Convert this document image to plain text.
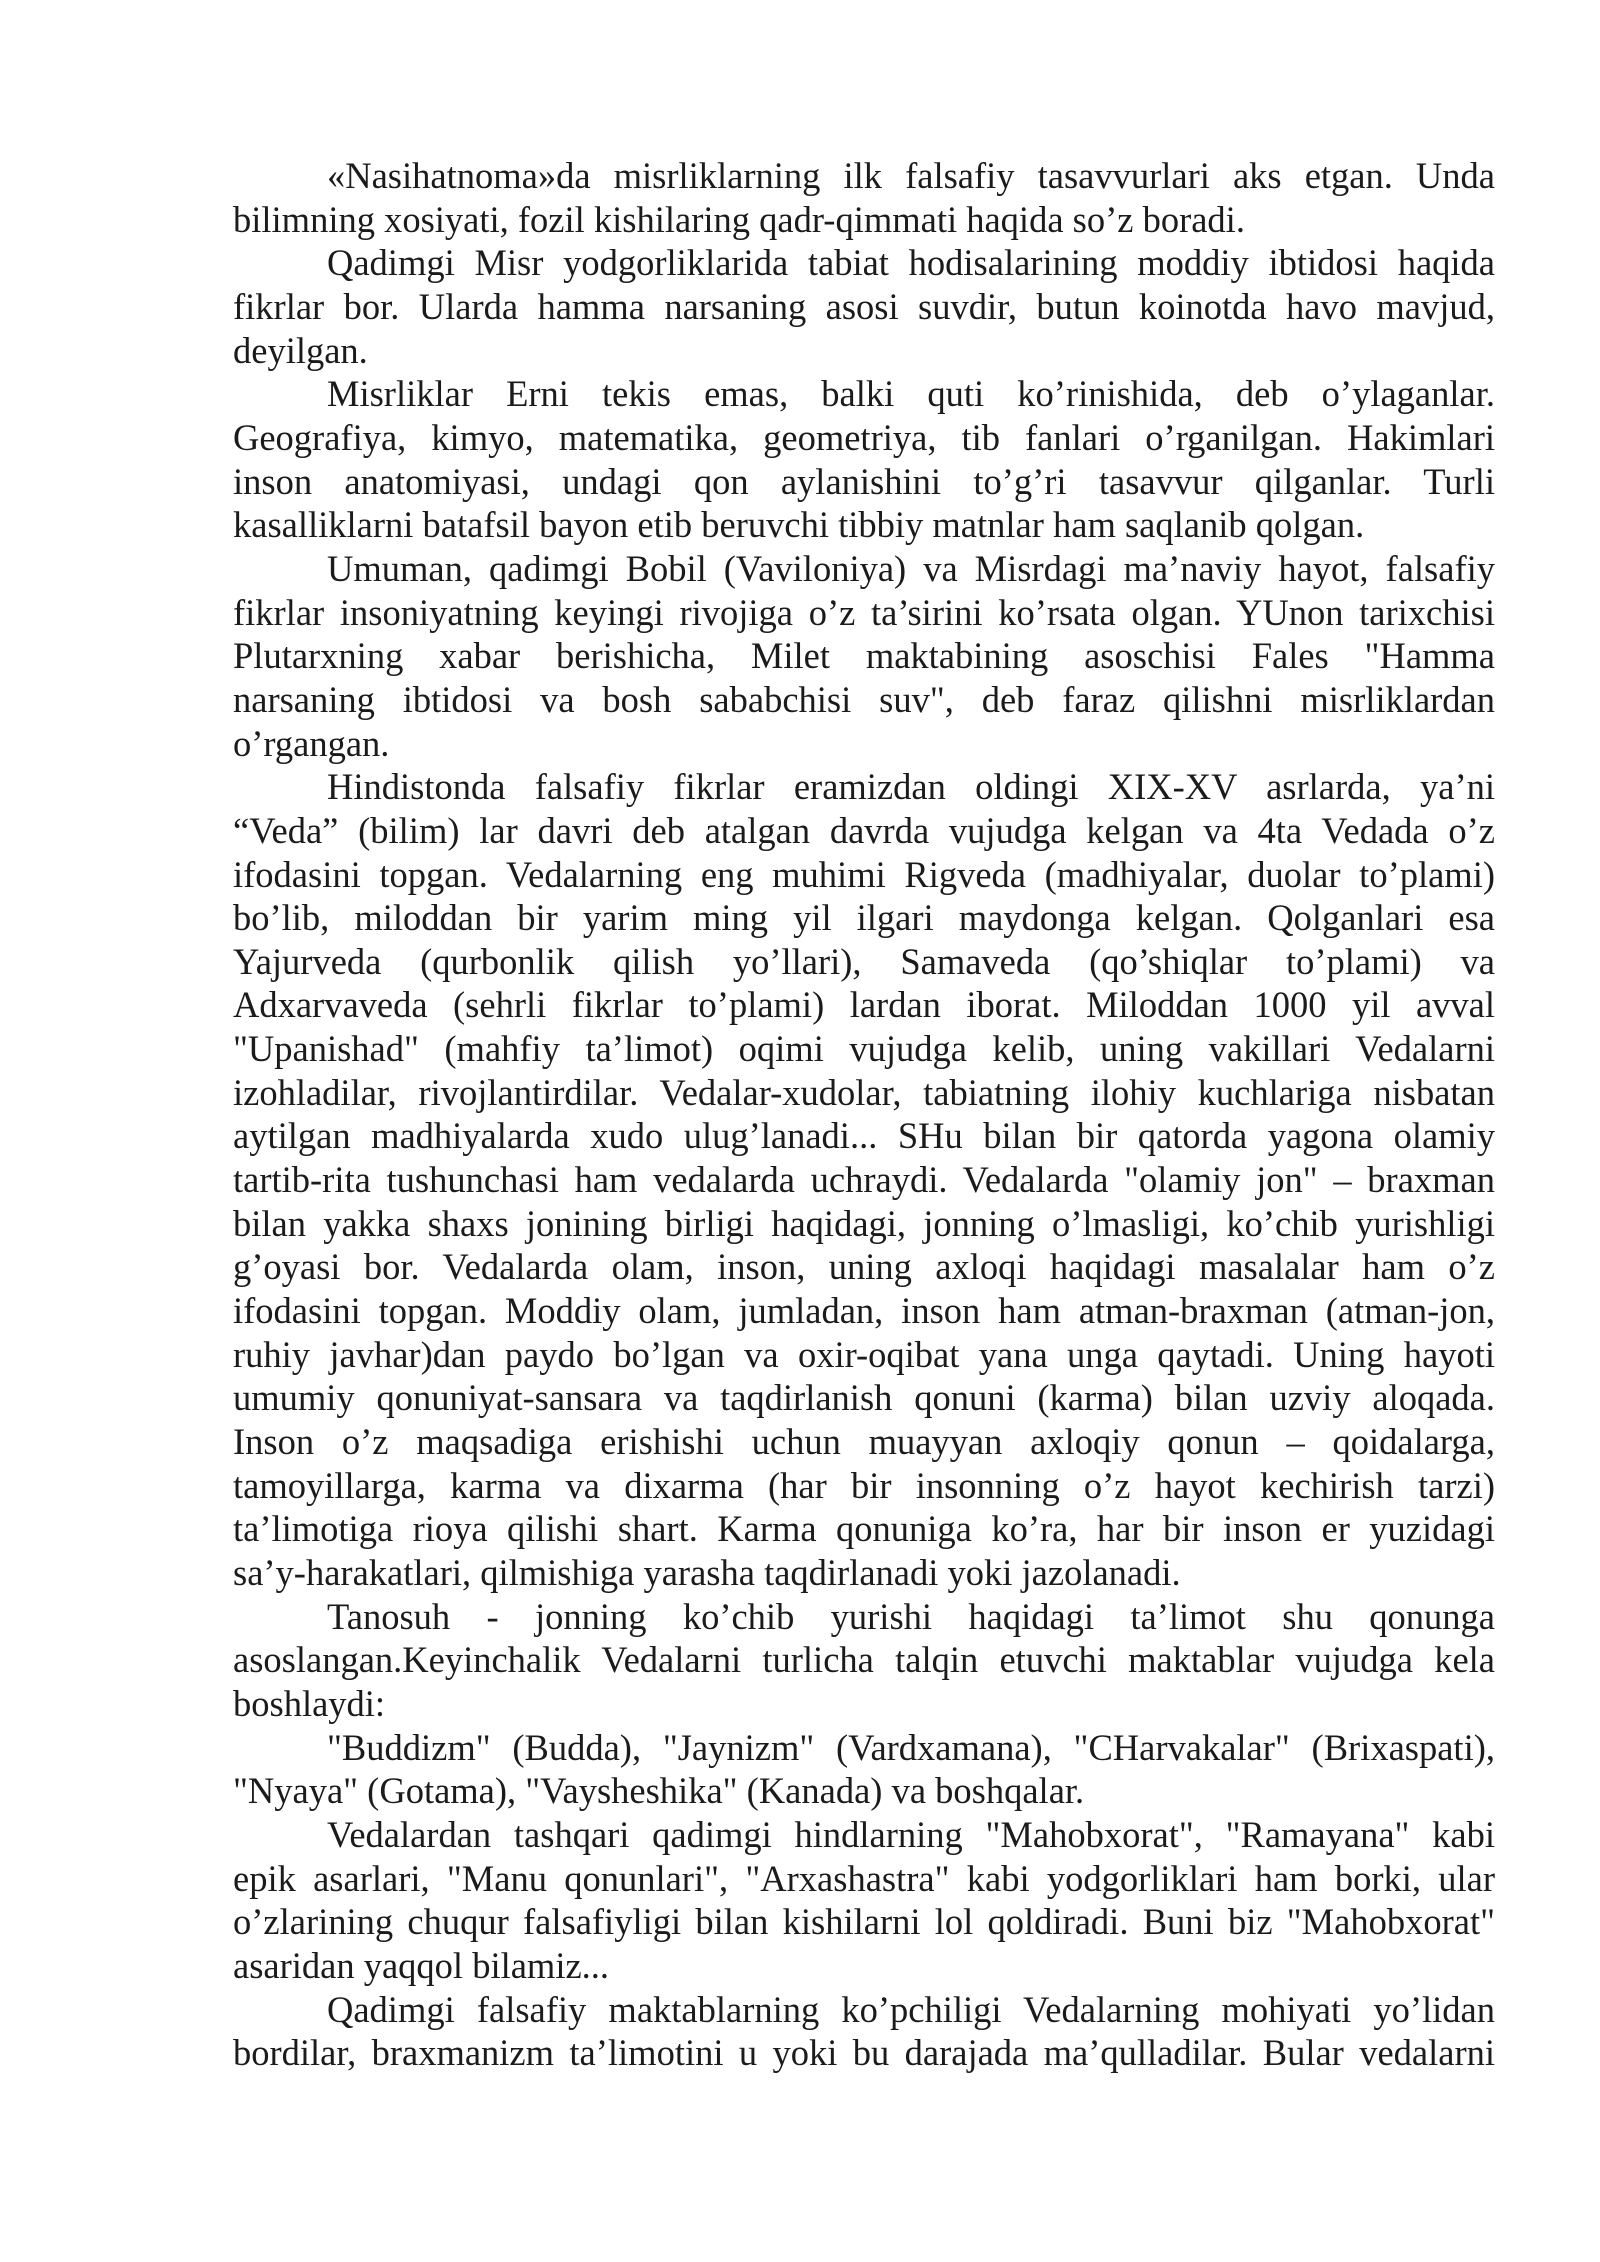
«Nasihatnoma»da misrliklarning ilk falsafiy tasavvurlari aks etgan. Unda
bilimning xosiyati, fozil kishilaring qadr-qimmati haqida so’z boradi.
Qadimgi Misr yodgorliklarida tabiat hodisalarining moddiy ibtidosi haqida
fikrlar bor. Ularda hamma narsaning asosi suvdir, butun koinotda havo mavjud,
deyilgan.
Misrliklar Erni tekis emas, balki quti ko’rinishida, deb o’ylaganlar.
Geografiya, kimyo, matematika, geometriya, tib fanlari o’rganilgan. Hakimlari
inson anatomiyasi, undagi qon aylanishini to’g’ri tasavvur qilganlar. Turli
kasalliklarni batafsil bayon etib beruvchi tibbiy matnlar ham saqlanib qolgan.
Umuman, qadimgi Bobil (Vaviloniya) va Misrdagi ma’naviy hayot, falsafiy
fikrlar insoniyatning keyingi rivojiga o’z ta’sirini ko’rsata olgan. YUnon tarixchisi
Plutarxning xabar berishicha, Milet maktabining asoschisi Fales "Hamma
narsaning ibtidosi va bosh sababchisi suv", deb faraz qilishni misrliklardan
o’rgangan.
Hindistonda falsafiy fikrlar eramizdan oldingi XIX-XV asrlarda, ya’ni
“Veda” (bilim) lar davri deb atalgan davrda vujudga kelgan va 4ta Vedada o’z
ifodasini topgan. Vedalarning eng muhimi Rigveda (madhiyalar, duolar to’plami)
bo’lib, miloddan bir yarim ming yil ilgari maydonga kelgan. Qolganlari esa
Yajurveda (qurbonlik qilish yo’llari), Samaveda (qo’shiqlar to’plami) va
Adxarvaveda (sehrli fikrlar to’plami) lardan iborat. Miloddan 1000 yil avval
"Upanishad" (mahfiy ta’limot) oqimi vujudga kelib, uning vakillari Vedalarni
izohladilar, rivojlantirdilar. Vedalar-xudolar, tabiatning ilohiy kuchlariga nisbatan
aytilgan madhiyalarda xudo ulug’lanadi... SHu bilan bir qatorda yagona olamiy
tartib-rita tushunchasi ham vedalarda uchraydi. Vedalarda "olamiy jon" – braxman
bilan yakka shaxs jonining birligi haqidagi, jonning o’lmasligi, ko’chib yurishligi
g’oyasi bor. Vedalarda olam, inson, uning axloqi haqidagi masalalar ham o’z
ifodasini topgan. Moddiy olam, jumladan, inson ham atman-braxman (atman-jon,
ruhiy javhar)dan paydo bo’lgan va oxir-oqibat yana unga qaytadi. Uning hayoti
umumiy qonuniyat-sansara va taqdirlanish qonuni (karma) bilan uzviy aloqada.
Inson o’z maqsadiga erishishi uchun muayyan axloqiy qonun – qoidalarga,
tamoyillarga, karma va dixarma (har bir insonning o’z hayot kechirish tarzi)
ta’limotiga rioya qilishi shart. Karma qonuniga ko’ra, har bir inson er yuzidagi
sa’y-harakatlari, qilmishiga yarasha taqdirlanadi yoki jazolanadi.
Tanosuh - jonning ko’chib yurishi haqidagi ta’limot shu qonunga
asoslangan.Keyinchalik Vedalarni turlicha talqin etuvchi maktablar vujudga kela
boshlaydi:
"Buddizm" (Budda), "Jaynizm" (Vardxamana), "CHarvakalar" (Brixaspati),
"Nyaya" (Gotama), "Vaysheshika" (Kanada) va boshqalar.
Vedalardan tashqari qadimgi hindlarning "Mahobxorat", "Ramayana" kabi
epik asarlari, "Manu qonunlari", "Arxashastra" kabi yodgorliklari ham borki, ular
o’zlarining chuqur falsafiyligi bilan kishilarni lol qoldiradi. Buni biz "Mahobxorat"
asaridan yaqqol bilamiz...
Qadimgi falsafiy maktablarning ko’pchiligi Vedalarning mohiyati yo’lidan
bordilar, braxmanizm ta’limotini u yoki bu darajada ma’qulladilar. Bular vedalarni
